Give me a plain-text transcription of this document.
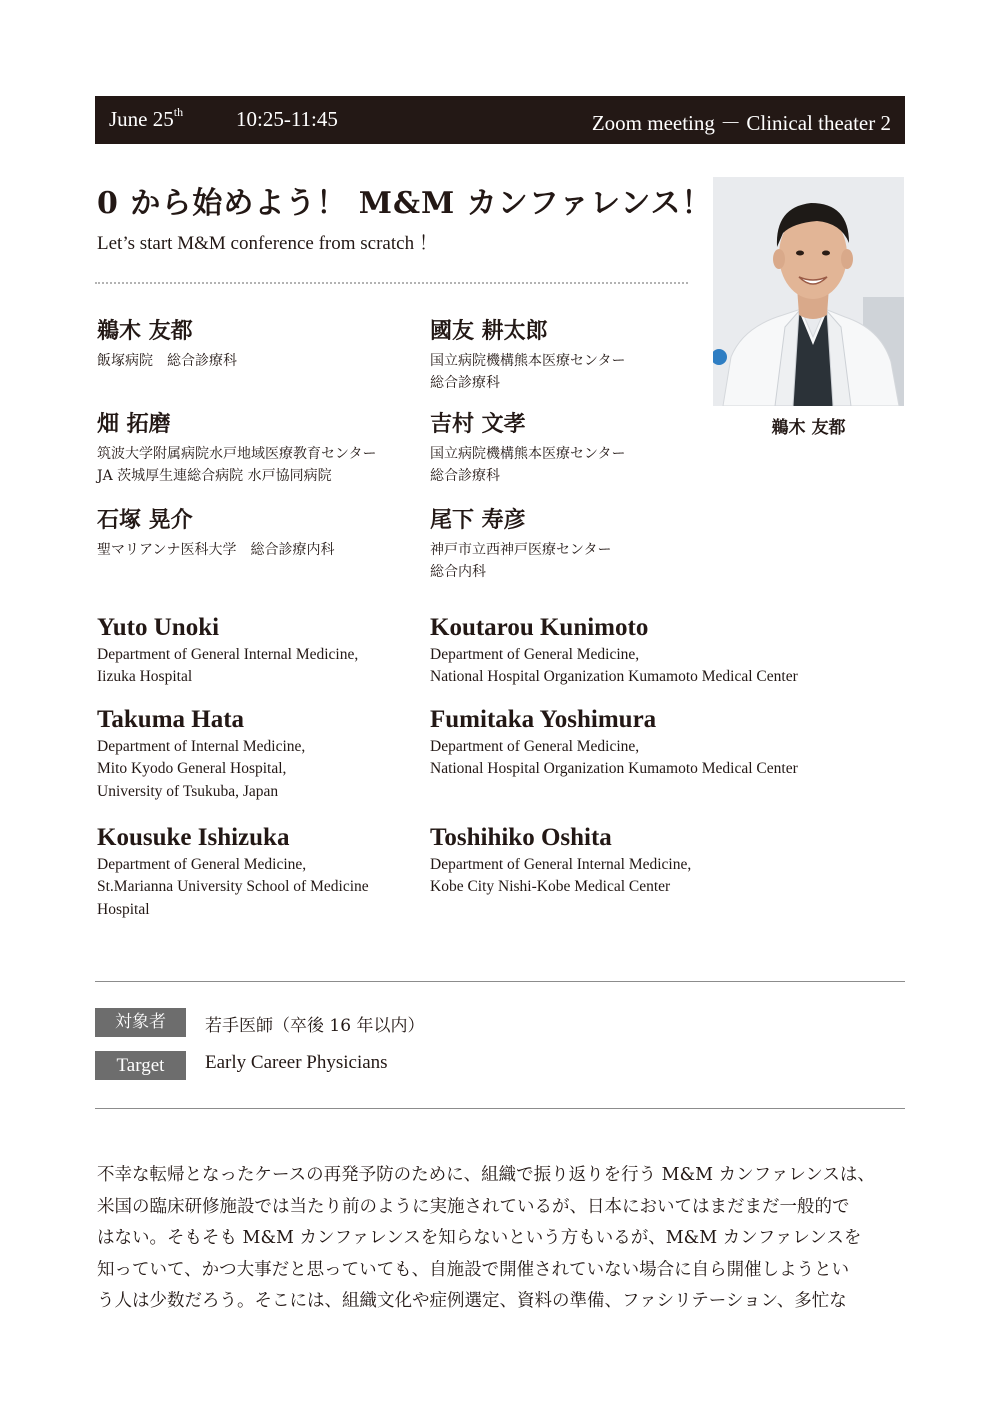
June 25th	10:25-11:45	Zoom meeting － Clinical theater 2
0 から始めよう！ M&M カンファレンス！
Let’s start M&M conference from scratch ！
鵜木 友都
鵜木 友都
飯塚病院　総合診療科
國友 耕太郎
国立病院機構熊本医療センター
総合診療科
畑 拓磨
筑波大学附属病院水戸地域医療教育センター
JA 茨城厚生連総合病院 水戸協同病院
吉村 文孝
国立病院機構熊本医療センター
総合診療科
石塚 晃介
聖マリアンナ医科大学　総合診療内科
尾下 寿彦
神戸市立西神戸医療センター
総合内科
Yuto Unoki
Department of General Internal Medicine,
Iizuka Hospital
Koutarou Kunimoto
Department of General Medicine,
National Hospital Organization Kumamoto Medical Center
Takuma Hata
Department of Internal Medicine,
Mito Kyodo General Hospital,
University of Tsukuba, Japan
Fumitaka Yoshimura
Department of General Medicine,
National Hospital Organization Kumamoto Medical Center
Kousuke Ishizuka
Department of General Medicine,
St.Marianna University School of Medicine
Hospital
Toshihiko Oshita
Department of General Internal Medicine,
Kobe City Nishi-Kobe Medical Center
対象者	若手医師（卒後 16 年以内）
Target	Early Career Physicians
不幸な転帰となったケースの再発予防のために、組織で振り返りを行う M&M カンファレンスは、
米国の臨床研修施設では当たり前のように実施されているが、日本においてはまだまだ一般的で
はない。そもそも M&M カンファレンスを知らないという方もいるが、M&M カンファレンスを
知っていて、かつ大事だと思っていても、自施設で開催されていない場合に自ら開催しようとい
う人は少数だろう。そこには、組織文化や症例選定、資料の準備、ファシリテーション、多忙な
